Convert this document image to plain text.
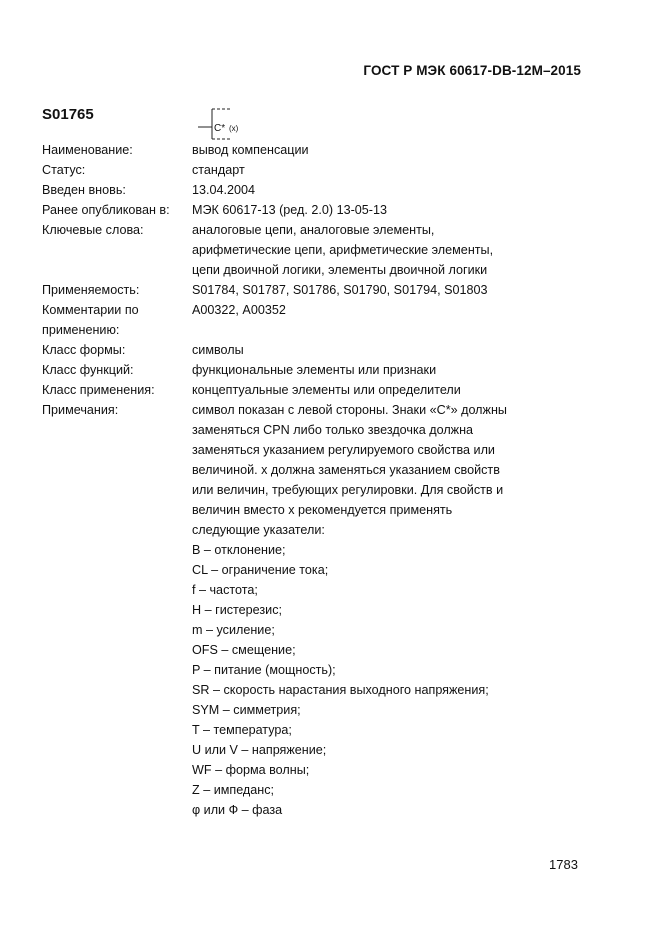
ГОСТ Р МЭК 60617-DB-12M–2015
S01765
C* (x)
Наименование:	вывод компенсации
Статус:	стандарт
Введен вновь:	13.04.2004
Ранее опубликован в: МЭК 60617-13 (ред. 2.0) 13-05-13
Ключевые слова:	аналоговые цепи, аналоговые элементы,
арифметические цепи, арифметические элементы,
цепи двоичной логики, элементы двоичной логики
Применяемость:	S01784, S01787, S01786, S01790, S01794, S01803
Комментарии по	А00322, А00352
применению:
Класс формы:	символы
Класс функций:	функциональные элементы или признаки
Класс применения:	концептуальные элементы или определители
Примечания:	символ показан с левой стороны. Знаки «C*» должны
заменяться CPN либо только звездочка должна
заменяться указанием регулируемого свойства или
величиной. х должна заменяться указанием свойств
или величин, требующих регулировки. Для свойств и
величин вместо х рекомендуется применять
следующие указатели:
B – отклонение;
CL – ограничение тока;
f – частота;
H – гистерезис;
m – усиление;
OFS – смещение;
P – питание (мощность);
SR – скорость нарастания выходного напряжения;
SYM – симметрия;
T – температура;
U или V – напряжение;
WF – форма волны;
Z – импеданс;
φ или Ф – фаза
1783
